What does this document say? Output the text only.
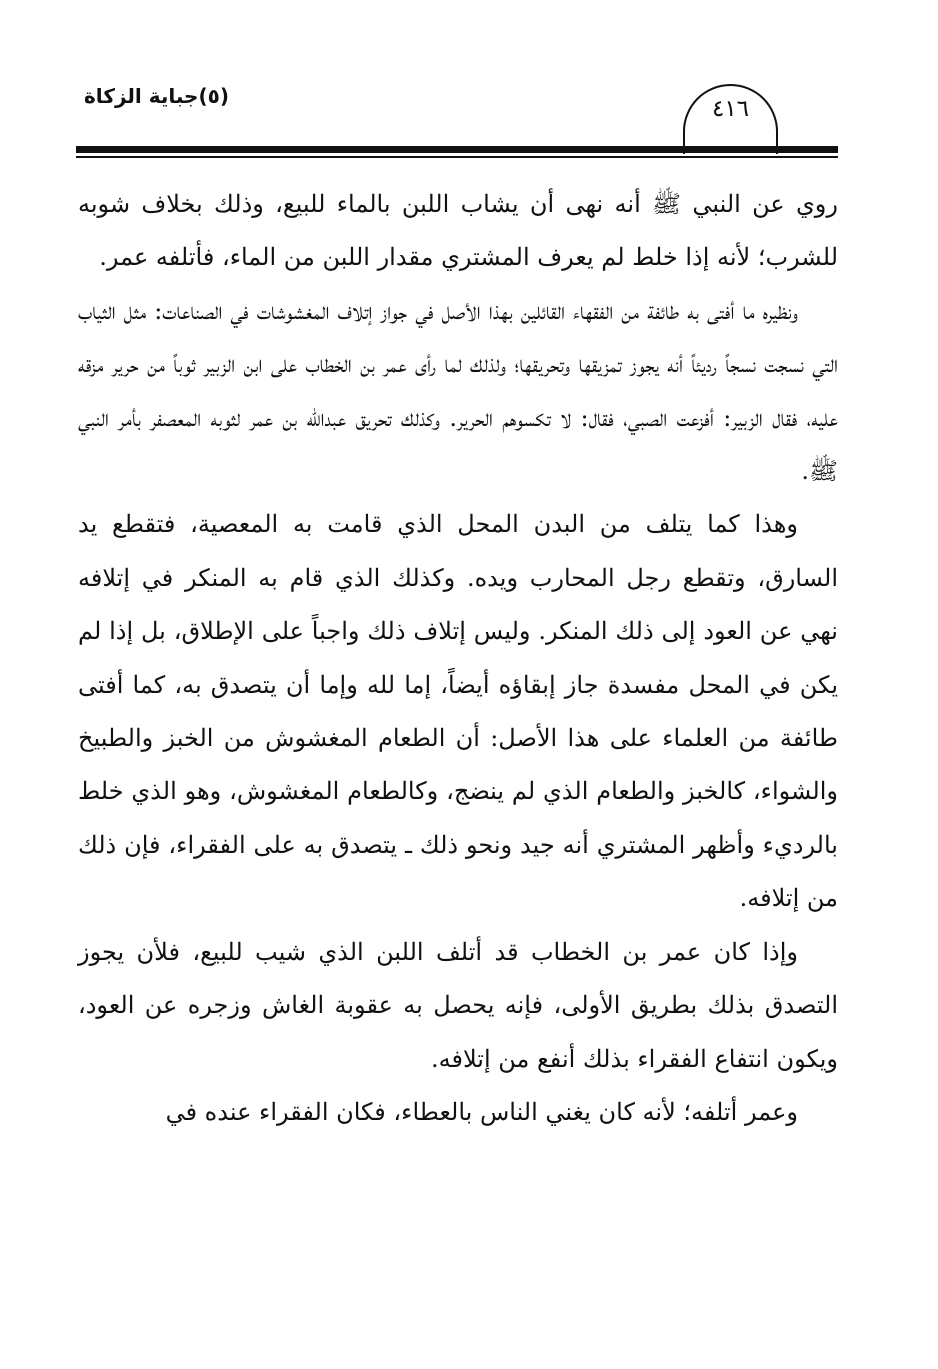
(٥)جباية الزكاة	٤١٦

روي عن النبي ﷺ أنه نهى أن يشاب اللبن بالماء للبيع، وذلك بخلاف شوبه للشرب؛ لأنه إذا خلط لم يعرف المشتري مقدار اللبن من الماء، فأتلفه عمر.

ونظيره ما أفتى به طائفة من الفقهاء القائلين بهذا الأصل في جواز إتلاف المغشوشات في الصناعات: مثل الثياب التي نسجت نسجاً رديئاً أنه يجوز تمزيقها وتحريقها؛ ولذلك لما رأى عمر بن الخطاب على ابن الزبير ثوباً من حرير مزقه عليه، فقال الزبير: أفزعت الصبي، فقال: لا تكسوهم الحرير. وكذلك تحريق عبدالله بن عمر لثوبه المعصفر بأمر النبي ﷺ.

وهذا كما يتلف من البدن المحل الذي قامت به المعصية، فتقطع يد السارق، وتقطع رجل المحارب ويده. وكذلك الذي قام به المنكر في إتلافه نهي عن العود إلى ذلك المنكر. وليس إتلاف ذلك واجباً على الإطلاق، بل إذا لم يكن في المحل مفسدة جاز إبقاؤه أيضاً، إما لله وإما أن يتصدق به، كما أفتى طائفة من العلماء على هذا الأصل: أن الطعام المغشوش من الخبز والطبيخ والشواء، كالخبز والطعام الذي لم ينضج، وكالطعام المغشوش، وهو الذي خلط بالرديء وأظهر المشتري أنه جيد ونحو ذلك ـ يتصدق به على الفقراء، فإن ذلك من إتلافه.

وإذا كان عمر بن الخطاب قد أتلف اللبن الذي شيب للبيع، فلأن يجوز التصدق بذلك بطريق الأولى، فإنه يحصل به عقوبة الغاش وزجره عن العود، ويكون انتفاع الفقراء بذلك أنفع من إتلافه.

وعمر أتلفه؛ لأنه كان يغني الناس بالعطاء، فكان الفقراء عنده في
